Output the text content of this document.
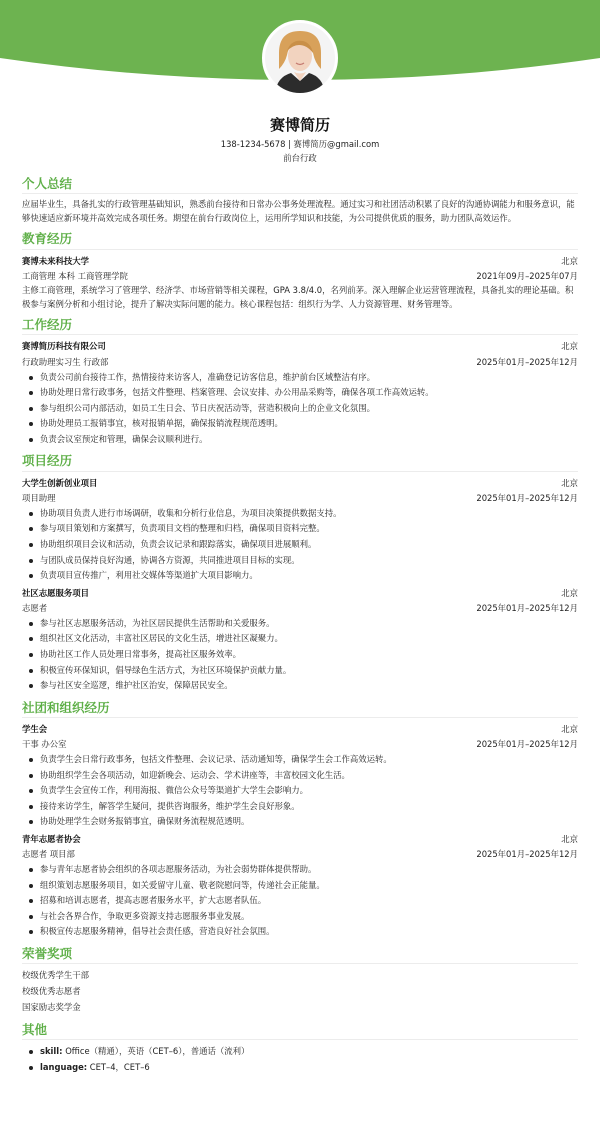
赛博简历
138-1234-5678 | 赛博简历@gmail.com
前台行政
个人总结
应届毕业生，具备扎实的行政管理基础知识，熟悉前台接待和日常办公事务处理流程。通过实习和社团活动积累了良好的沟通协调能力和服务意识，能够快速适应新环境并高效完成各项任务。期望在前台行政岗位上，运用所学知识和技能，为公司提供优质的服务，助力团队高效运作。
教育经历
赛博未来科技大学	北京
工商管理 本科 工商管理学院	2021年09月–2025年07月
主修工商管理，系统学习了管理学、经济学、市场营销等相关课程，GPA 3.8/4.0，名列前茅。深入理解企业运营管理流程，具备扎实的理论基础。积极参与案例分析和小组讨论，提升了解决实际问题的能力。核心课程包括：组织行为学、人力资源管理、财务管理等。
工作经历
赛博简历科技有限公司	北京
行政助理实习生 行政部	2025年01月–2025年12月
负责公司前台接待工作，热情接待来访客人，准确登记访客信息，维护前台区域整洁有序。
协助处理日常行政事务，包括文件整理、档案管理、会议安排、办公用品采购等，确保各项工作高效运转。
参与组织公司内部活动，如员工生日会、节日庆祝活动等，营造积极向上的企业文化氛围。
协助处理员工报销事宜，核对报销单据，确保报销流程规范透明。
负责会议室预定和管理，确保会议顺利进行。
项目经历
大学生创新创业项目	北京
项目助理	2025年01月–2025年12月
协助项目负责人进行市场调研，收集和分析行业信息，为项目决策提供数据支持。
参与项目策划和方案撰写，负责项目文档的整理和归档，确保项目资料完整。
协助组织项目会议和活动，负责会议记录和跟踪落实，确保项目进展顺利。
与团队成员保持良好沟通，协调各方资源，共同推进项目目标的实现。
负责项目宣传推广，利用社交媒体等渠道扩大项目影响力。
社区志愿服务项目	北京
志愿者	2025年01月–2025年12月
参与社区志愿服务活动，为社区居民提供生活帮助和关爱服务。
组织社区文化活动，丰富社区居民的文化生活，增进社区凝聚力。
协助社区工作人员处理日常事务，提高社区服务效率。
积极宣传环保知识，倡导绿色生活方式，为社区环境保护贡献力量。
参与社区安全巡逻，维护社区治安，保障居民安全。
社团和组织经历
学生会	北京
干事 办公室	2025年01月–2025年12月
负责学生会日常行政事务，包括文件整理、会议记录、活动通知等，确保学生会工作高效运转。
协助组织学生会各项活动，如迎新晚会、运动会、学术讲座等，丰富校园文化生活。
负责学生会宣传工作，利用海报、微信公众号等渠道扩大学生会影响力。
接待来访学生，解答学生疑问，提供咨询服务，维护学生会良好形象。
协助处理学生会财务报销事宜，确保财务流程规范透明。
青年志愿者协会	北京
志愿者 项目部	2025年01月–2025年12月
参与青年志愿者协会组织的各项志愿服务活动，为社会弱势群体提供帮助。
组织策划志愿服务项目，如关爱留守儿童、敬老院慰问等，传递社会正能量。
招募和培训志愿者，提高志愿者服务水平，扩大志愿者队伍。
与社会各界合作，争取更多资源支持志愿服务事业发展。
积极宣传志愿服务精神，倡导社会责任感，营造良好社会氛围。
荣誉奖项
校级优秀学生干部
校级优秀志愿者
国家励志奖学金
其他
skill: Office（精通），英语（CET–6），普通话（流利）
language: CET–4，CET–6
